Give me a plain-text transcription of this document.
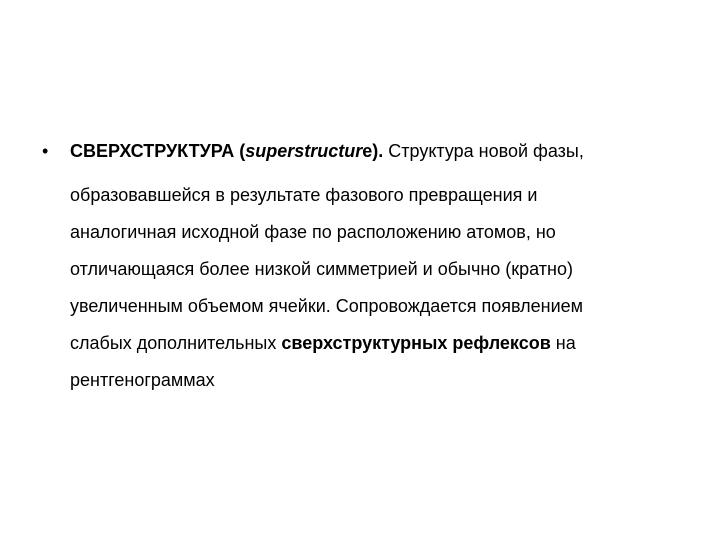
• СВЕРХСТРУКТУРА (superstructure). Структура новой фазы,
образовавшейся в результате фазового превращения и
аналогичная исходной фазе по расположению атомов, но
отличающаяся более низкой симметрией и обычно (кратно)
увеличенным объемом ячейки. Сопровождается появлением
слабых дополнительных сверхструктурных рефлексов на
рентгенограммах
